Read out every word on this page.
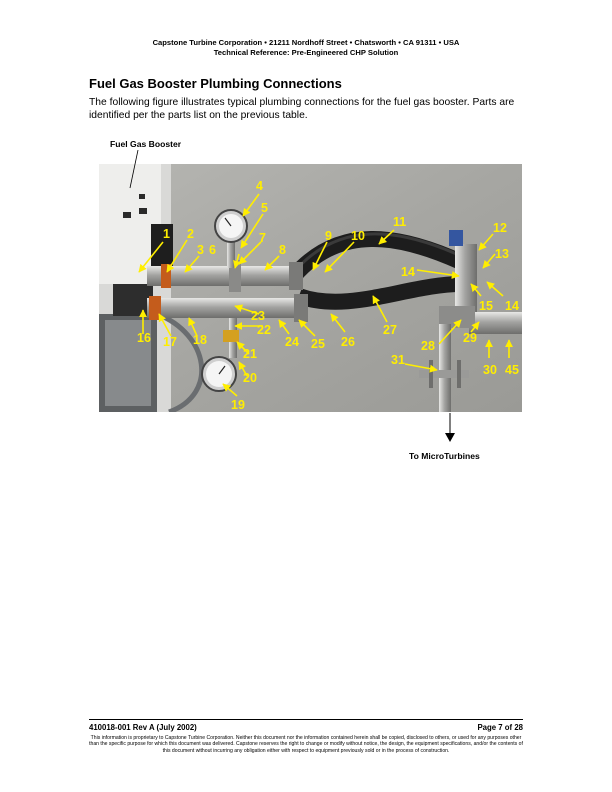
Capstone Turbine Corporation • 21211 Nordhoff Street • Chatsworth • CA 91311 • USA
Technical Reference: Pre-Engineered CHP Solution
Fuel Gas Booster Plumbing Connections
The following figure illustrates typical plumbing connections for the fuel gas booster. Parts are identified per the parts list on the previous table.
Fuel Gas Booster
1 2
3
4
5
6
7
8
9 10
11	12
13
14
14
15
16 17 18
19
20
21
22
23
24 25 26
27
28
29
30
31
45
To MicroTurbines
410018-001 Rev A (July 2002)	Page 7 of 28
This information is proprietary to Capstone Turbine Corporation. Neither this document nor the information contained herein shall be copied, disclosed to others, or used for any purposes other than the specific purpose for which this document was delivered. Capstone reserves the right to change or modify without notice, the design, the equipment specifications, and/or the contents of this document without incurring any obligation either with respect to equipment previously sold or in the process of construction.
